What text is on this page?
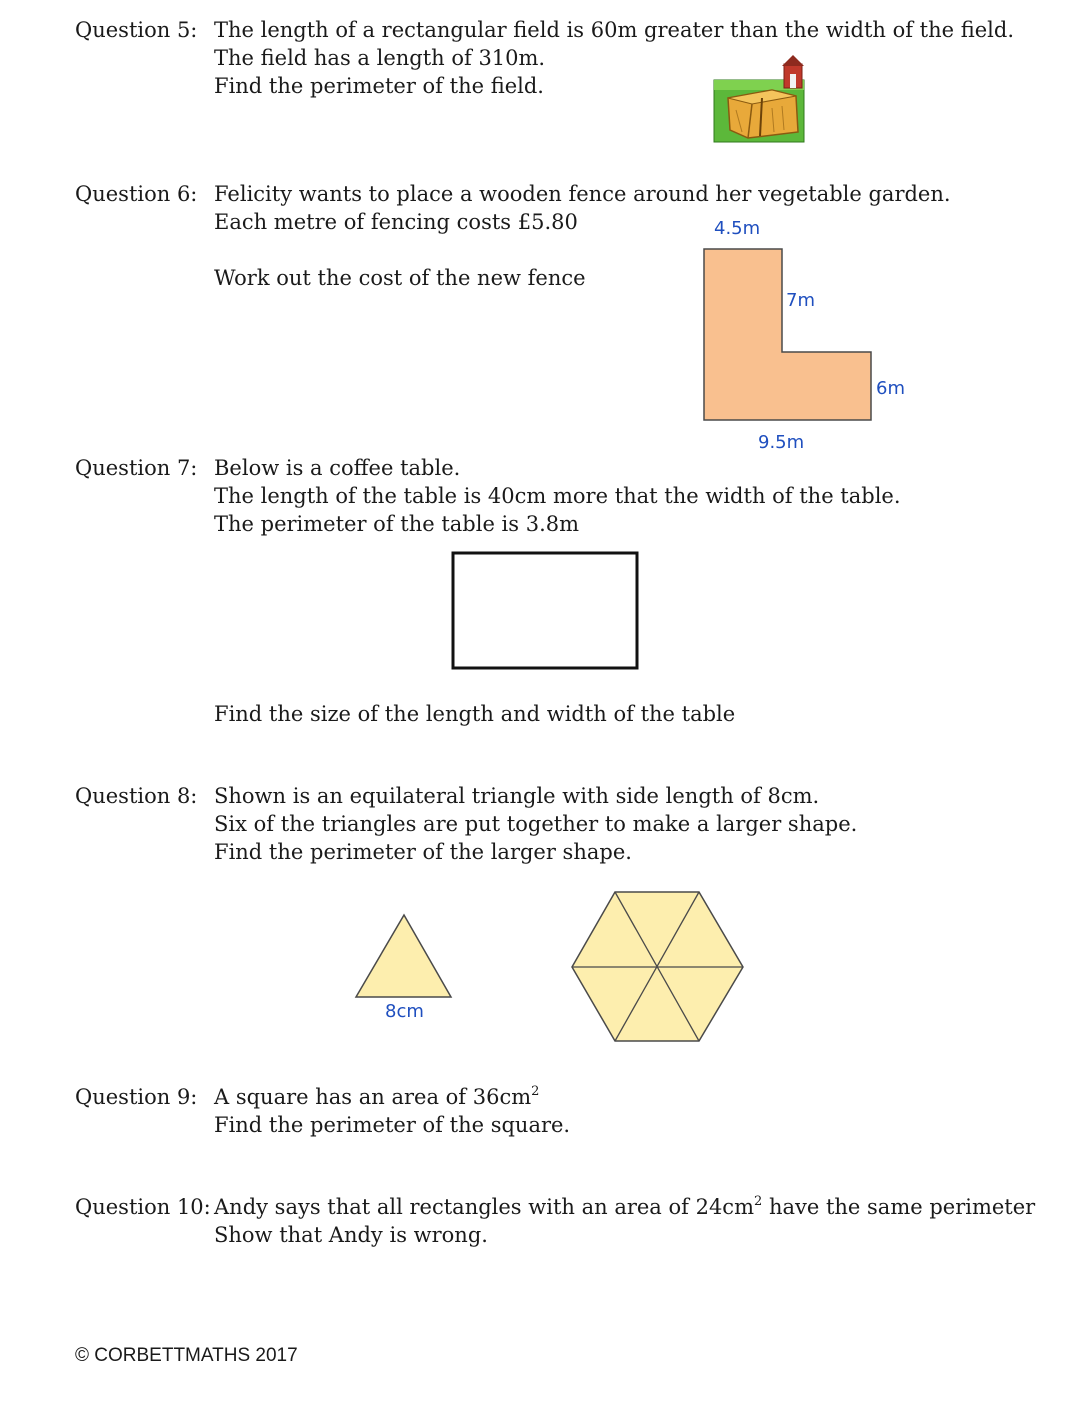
Question 5: The length of a rectangular field is 60m greater than the width of the field.
The field has a length of 310m.
Find the perimeter of the field.
Question 6: Felicity wants to place a wooden fence around her vegetable garden.
Each metre of fencing costs £5.80
Work out the cost of the new fence
4.5m
7m
6m
9.5m
Question 7: Below is a coffee table.
The length of the table is 40cm more that the width of the table.
The perimeter of the table is 3.8m
Find the size of the length and width of the table
Question 8: Shown is an equilateral triangle with side length of 8cm.
Six of the triangles are put together to make a larger shape.
Find the perimeter of the larger shape.
8cm
Question 9: A square has an area of $36cm^2$
Find the perimeter of the square.
Question 10: Andy says that all rectangles with an area of $24cm^2$ have the same perimeter
Show that Andy is wrong.
© CORBETTMATHS 2017
